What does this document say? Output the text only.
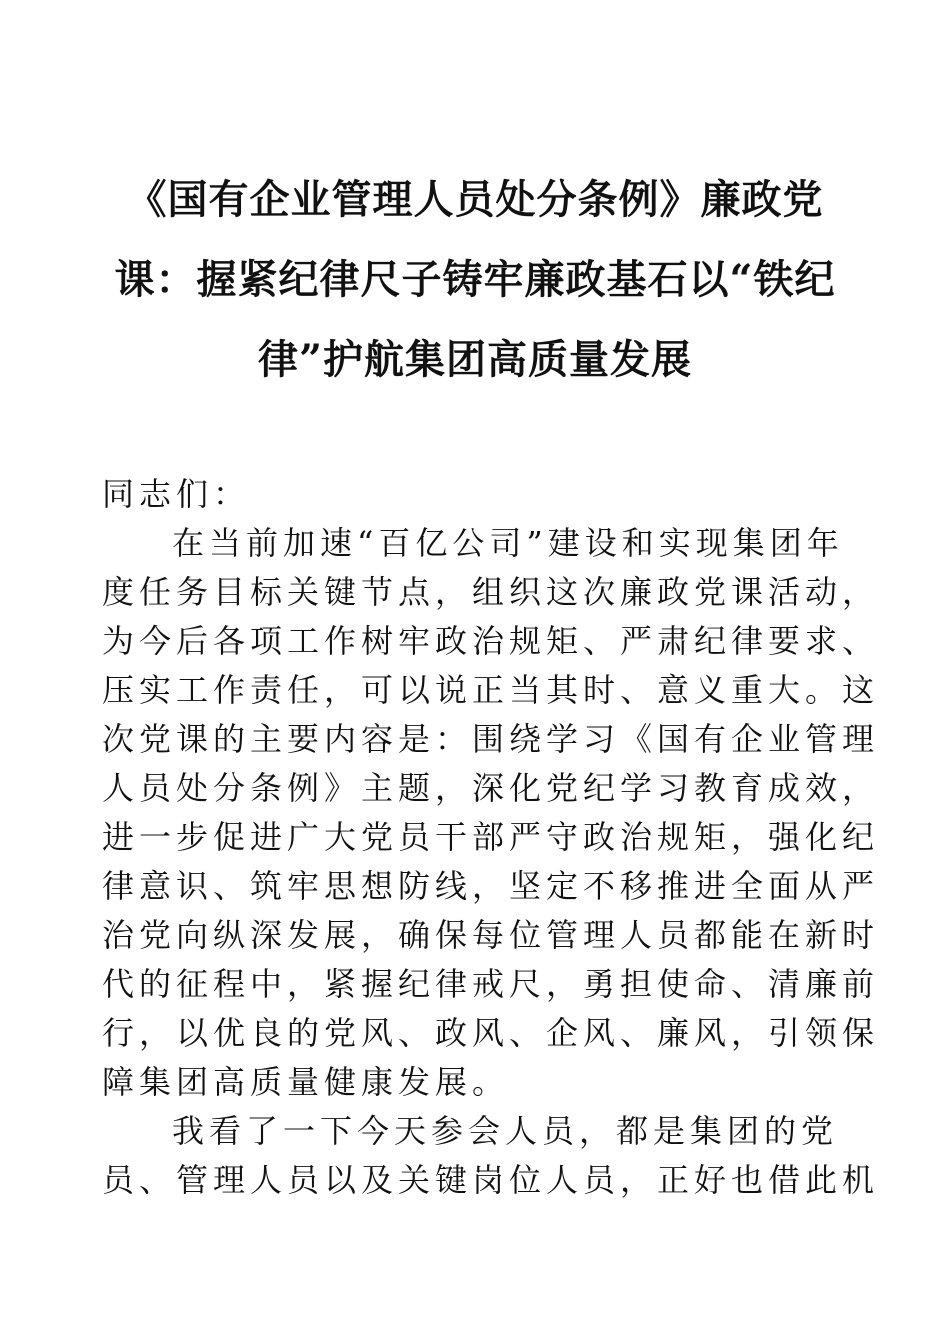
《国有企业管理人员处分条例》廉政党
课：握紧纪律尺子铸牢廉政基石以“铁纪
律”护航集团高质量发展
同志们：
在当前加速“百亿公司”建设和实现集团年
度任务目标关键节点，组织这次廉政党课活动，
为今后各项工作树牢政治规矩、严肃纪律要求、
压实工作责任，可以说正当其时、意义重大。这
次党课的主要内容是：围绕学习《国有企业管理
人员处分条例》主题，深化党纪学习教育成效，
进一步促进广大党员干部严守政治规矩，强化纪
律意识、筑牢思想防线，坚定不移推进全面从严
治党向纵深发展，确保每位管理人员都能在新时
代的征程中，紧握纪律戒尺，勇担使命、清廉前
行，以优良的党风、政风、企风、廉风，引领保
障集团高质量健康发展。
我看了一下今天参会人员，都是集团的党
员、管理人员以及关键岗位人员，正好也借此机
